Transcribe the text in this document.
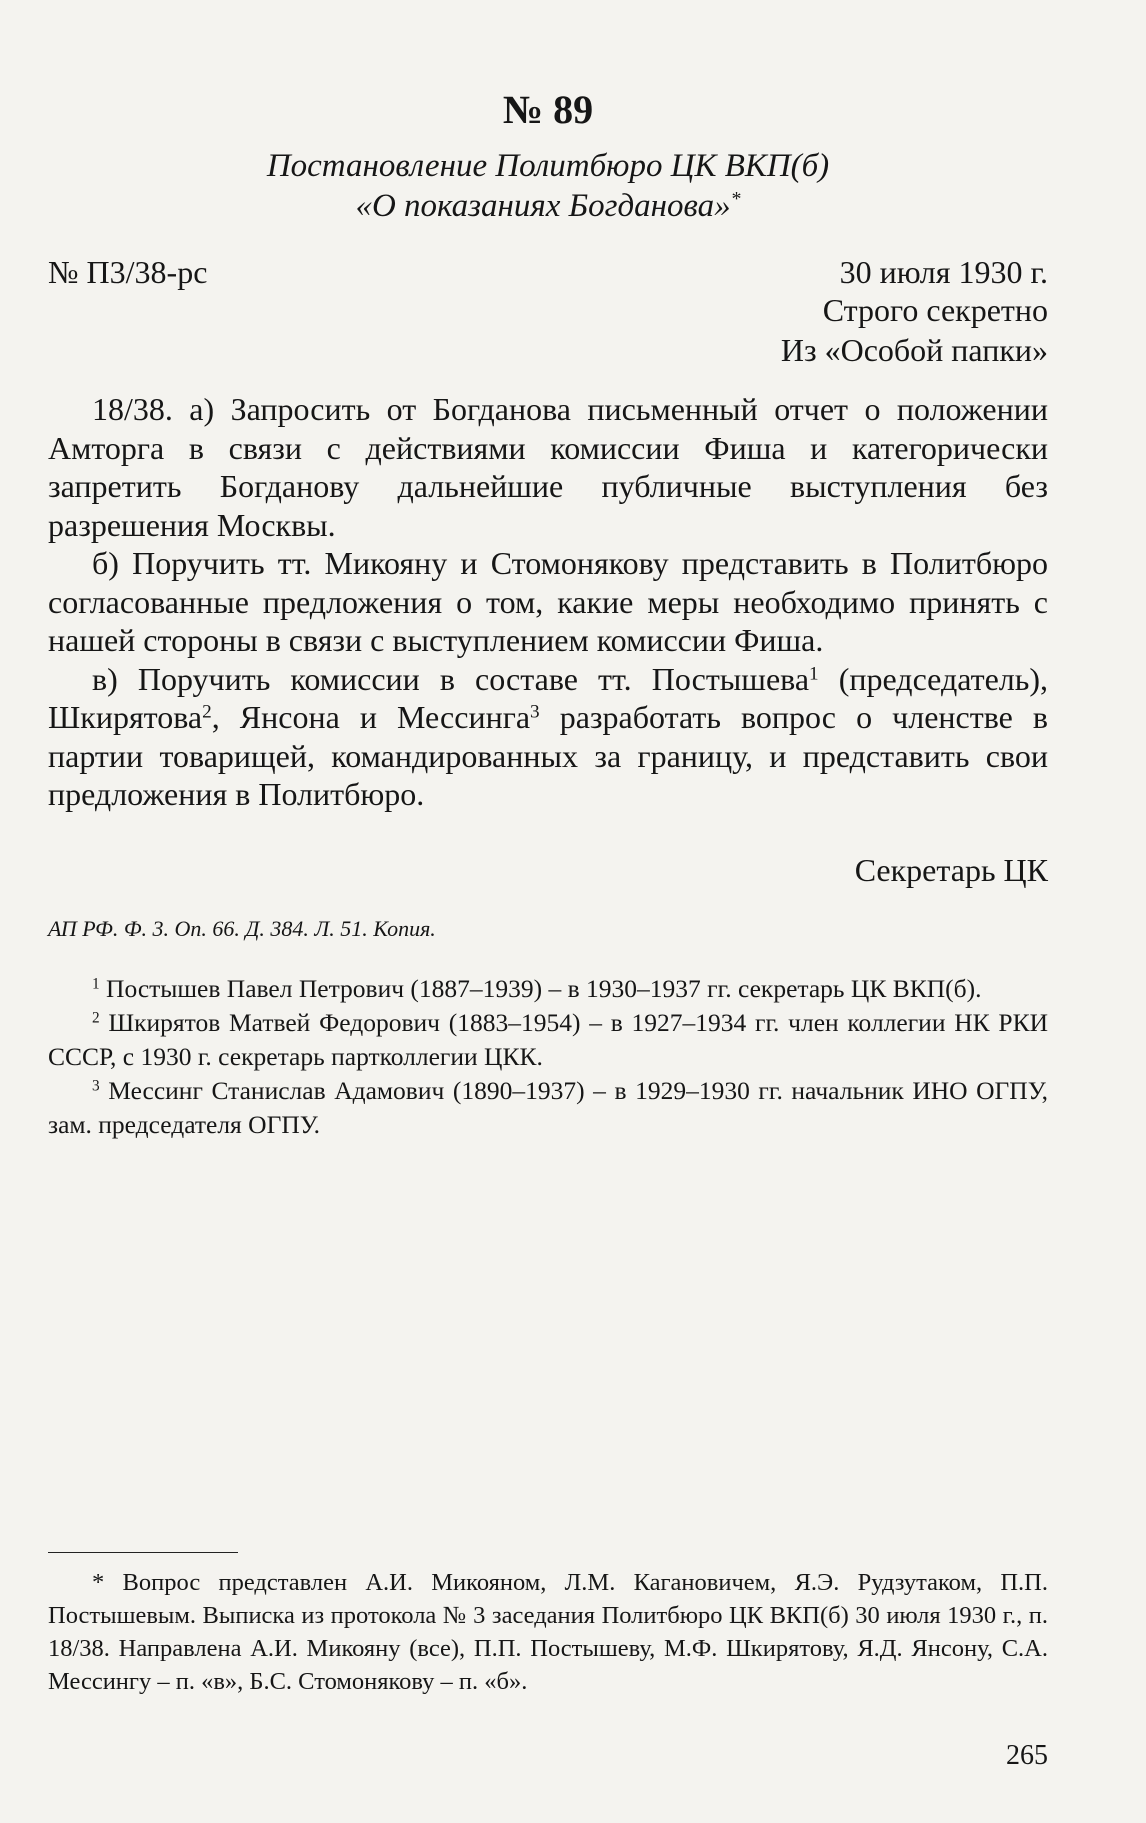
№ 89
Постановление Политбюро ЦК ВКП(б)
«О показаниях Богданова»*
№ П3/38-рс	30 июля 1930 г.
Строго секретно
Из «Особой папки»

18/38. а) Запросить от Богданова письменный отчет о положении Амторга в связи с действиями комиссии Фиша и категорически запретить Богданову дальнейшие публичные выступления без разрешения Москвы.

б) Поручить тт. Микояну и Стомонякову представить в Политбюро согласованные предложения о том, какие меры необходимо принять с нашей стороны в связи с выступлением комиссии Фиша.

в) Поручить комиссии в составе тт. Постышева$^1$ (председатель), Шкирятова$^2$, Янсона и Мессинга$^3$ разработать вопрос о членстве в партии товарищей, командированных за границу, и представить свои предложения в Политбюро.

Секретарь ЦК
АП РФ. Ф. 3. Оп. 66. Д. 384. Л. 51. Копия.

$^1$ Постышев Павел Петрович (1887–1939) – в 1930–1937 гг. секретарь ЦК ВКП(б).

$^2$ Шкирятов Матвей Федорович (1883–1954) – в 1927–1934 гг. член коллегии НК РКИ СССР, с 1930 г. секретарь партколлегии ЦКК.

$^3$ Мессинг Станислав Адамович (1890–1937) – в 1929–1930 гг. начальник ИНО ОГПУ, зам. председателя ОГПУ.

* Вопрос представлен А.И. Микояном, Л.М. Кагановичем, Я.Э. Рудзутаком, П.П. Постышевым. Выписка из протокола № 3 заседания Политбюро ЦК ВКП(б) 30 июля 1930 г., п. 18/38. Направлена А.И. Микояну (все), П.П. Постышеву, М.Ф. Шкирятову, Я.Д. Янсону, С.А. Мессингу – п. «в», Б.С. Стомонякову – п. «б».

265
